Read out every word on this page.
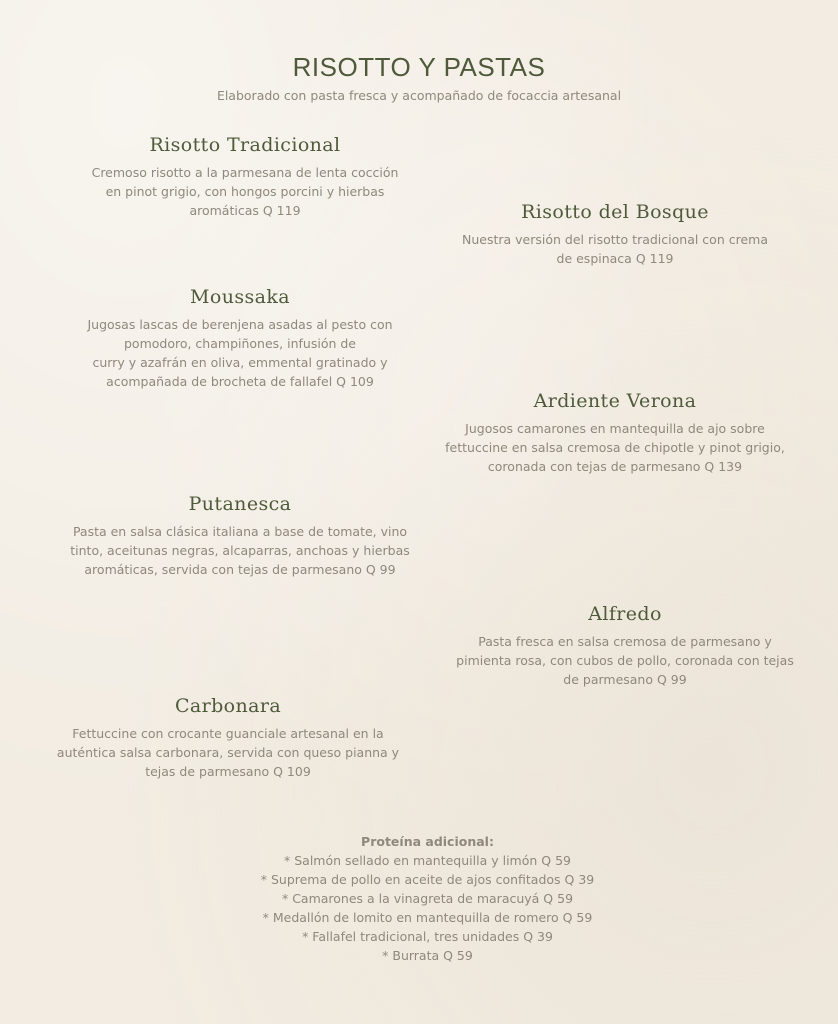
RISOTTO Y PASTAS

Elaborado con pasta fresca y acompañado de focaccia artesanal

Risotto Tradicional

Cremoso risotto a la parmesana de lenta cocción
en pinot grigio, con hongos porcini y hierbas
aromáticas Q 119	Risotto del Bosque

Nuestra versión del risotto tradicional con crema
de espinaca Q 119

Moussaka

Jugosas lascas de berenjena asadas al pesto con
pomodoro, champiñones, infusión de
curry y azafrán en oliva, emmental gratinado y
acompañada de brocheta de fallafel Q 109

Ardiente Verona

Jugosos camarones en mantequilla de ajo sobre
fettuccine en salsa cremosa de chipotle y pinot grigio,
coronada con tejas de parmesano Q 139

Putanesca

Pasta en salsa clásica italiana a base de tomate, vino
tinto, aceitunas negras, alcaparras, anchoas y hierbas
aromáticas, servida con tejas de parmesano Q 99

Alfredo

Pasta fresca en salsa cremosa de parmesano y
pimienta rosa, con cubos de pollo, coronada con tejas
de parmesano Q 99

Carbonara

Fettuccine con crocante guanciale artesanal en la
auténtica salsa carbonara, servida con queso pianna y
tejas de parmesano Q 109

Proteína adicional:

* Salmón sellado en mantequilla y limón Q 59
* Suprema de pollo en aceite de ajos confitados Q 39
* Camarones a la vinagreta de maracuyá Q 59
* Medallón de lomito en mantequilla de romero Q 59
* Fallafel tradicional, tres unidades Q 39
* Burrata Q 59
